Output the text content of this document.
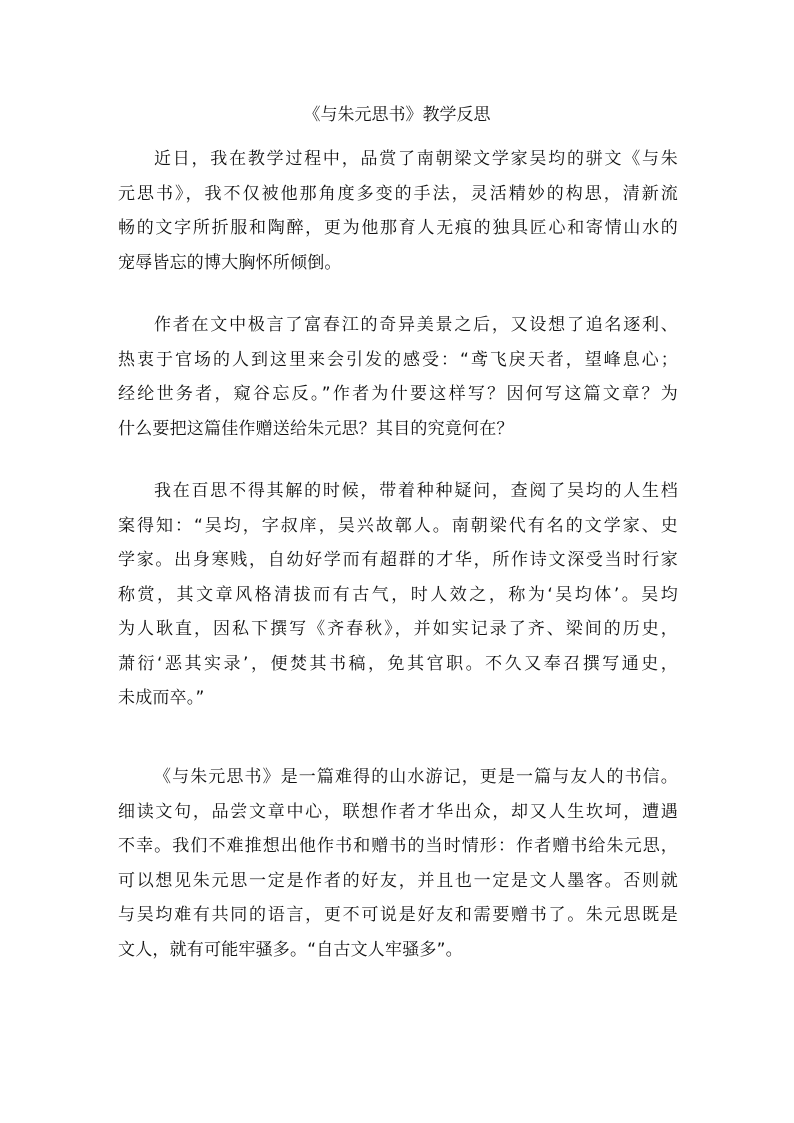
《与朱元思书》教学反思
近日，我在教学过程中，品赏了南朝梁文学家吴均的骈文《与朱
元思书》，我不仅被他那角度多变的手法，灵活精妙的构思，清新流
畅的文字所折服和陶醉，更为他那育人无痕的独具匠心和寄情山水的
宠辱皆忘的博大胸怀所倾倒。
作者在文中极言了富春江的奇异美景之后，又设想了追名逐利、
热衷于官场的人到这里来会引发的感受：“鸢飞戾天者，望峰息心；
经纶世务者，窥谷忘反。”作者为什要这样写？因何写这篇文章？为
什么要把这篇佳作赠送给朱元思？其目的究竟何在？
我在百思不得其解的时候，带着种种疑问，查阅了吴均的人生档
案得知：“吴均，字叔庠，吴兴故鄣人。南朝梁代有名的文学家、史
学家。出身寒贱，自幼好学而有超群的才华，所作诗文深受当时行家
称赏，其文章风格清拔而有古气，时人效之，称为‘吴均体’。吴均
为人耿直，因私下撰写《齐春秋》，并如实记录了齐、梁间的历史，
萧衍‘恶其实录’，便焚其书稿，免其官职。不久又奉召撰写通史，
未成而卒。”
《与朱元思书》是一篇难得的山水游记，更是一篇与友人的书信。
细读文句，品尝文章中心，联想作者才华出众，却又人生坎坷，遭遇
不幸。我们不难推想出他作书和赠书的当时情形：作者赠书给朱元思，
可以想见朱元思一定是作者的好友，并且也一定是文人墨客。否则就
与吴均难有共同的语言，更不可说是好友和需要赠书了。朱元思既是
文人，就有可能牢骚多。“自古文人牢骚多”。
